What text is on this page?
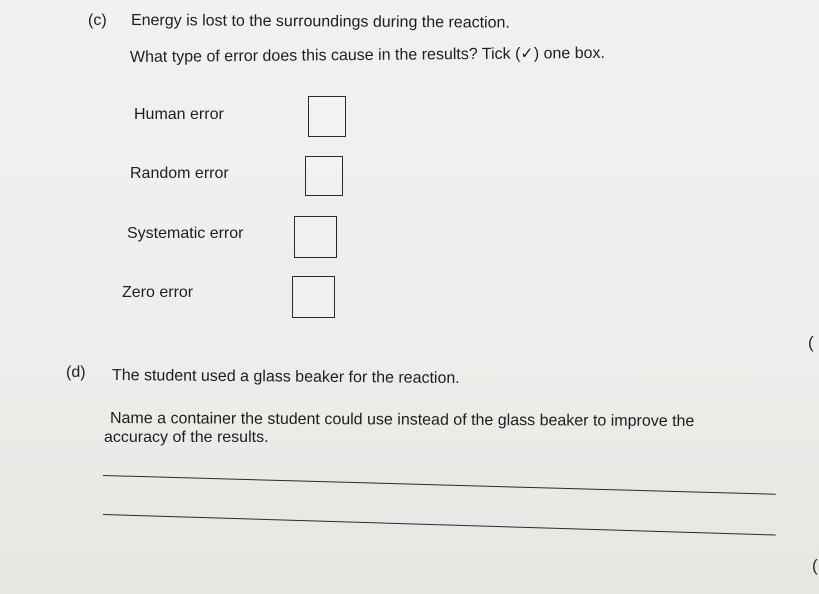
(c) Energy is lost to the surroundings during the reaction.
What type of error does this cause in the results? Tick (✓) one box.
Human error
Random error
Systematic error
Zero error
(
(d) The student used a glass beaker for the reaction.
Name a container the student could use instead of the glass beaker to improve the
accuracy of the results.
(
